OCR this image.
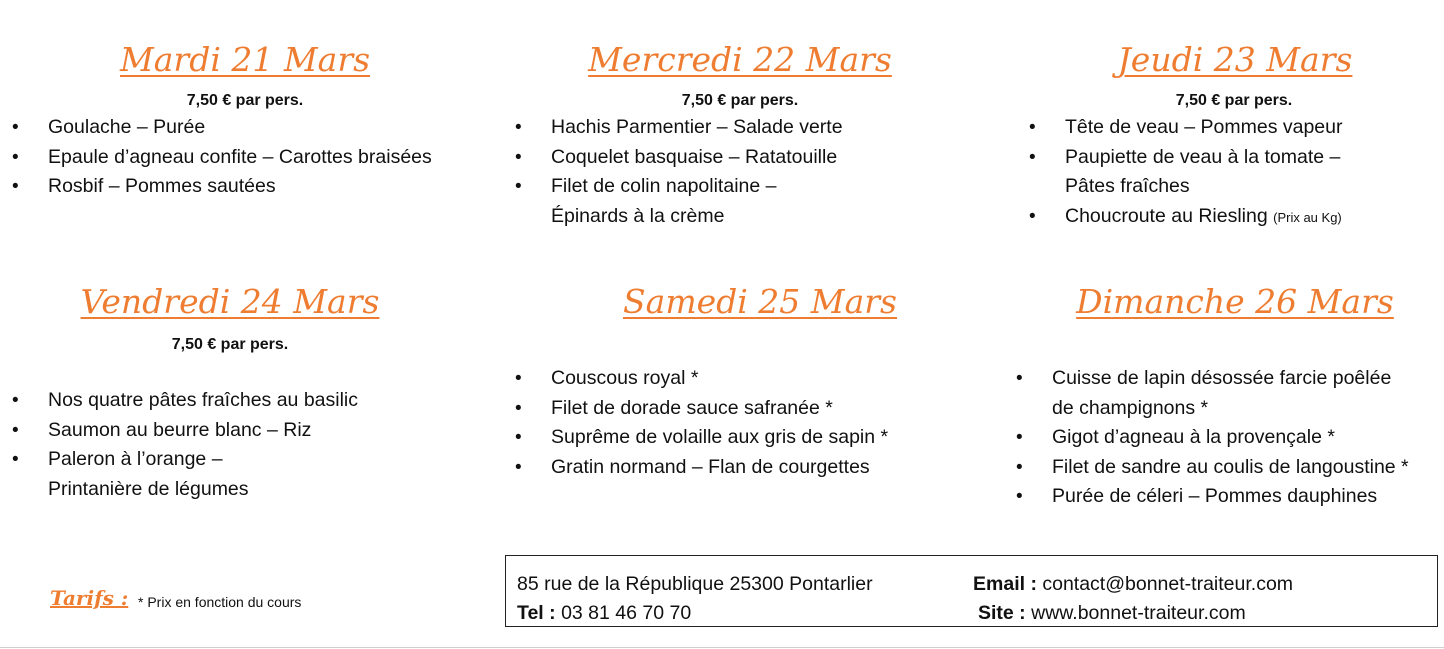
Mardi 21 Mars
7,50 € par pers.
• Goulache – Purée
• Epaule d’agneau confite – Carottes braisées
• Rosbif – Pommes sautées
Mercredi 22 Mars
7,50 € par pers.
• Hachis Parmentier – Salade verte
• Coquelet basquaise – Ratatouille
• Filet de colin napolitaine –
Épinards à la crème
Jeudi 23 Mars
7,50 € par pers.
• Tête de veau – Pommes vapeur
• Paupiette de veau à la tomate –
Pâtes fraîches
• Choucroute au Riesling (Prix au Kg)
Vendredi 24 Mars
7,50 € par pers.
• Nos quatre pâtes fraîches au basilic
• Saumon au beurre blanc – Riz
• Paleron à l’orange –
Printanière de légumes
Samedi 25 Mars
• Couscous royal *
• Filet de dorade sauce safranée *
• Suprême de volaille aux gris de sapin *
• Gratin normand – Flan de courgettes
Dimanche 26 Mars
• Cuisse de lapin désossée farcie poêlée
de champignons *
• Gigot d’agneau à la provençale *
• Filet de sandre au coulis de langoustine *
• Purée de céleri – Pommes dauphines
Tarifs : * Prix en fonction du cours
85 rue de la République 25300 Pontarlier
Tel : 03 81 46 70 70
Email : contact@bonnet-traiteur.com
Site : www.bonnet-traiteur.com
